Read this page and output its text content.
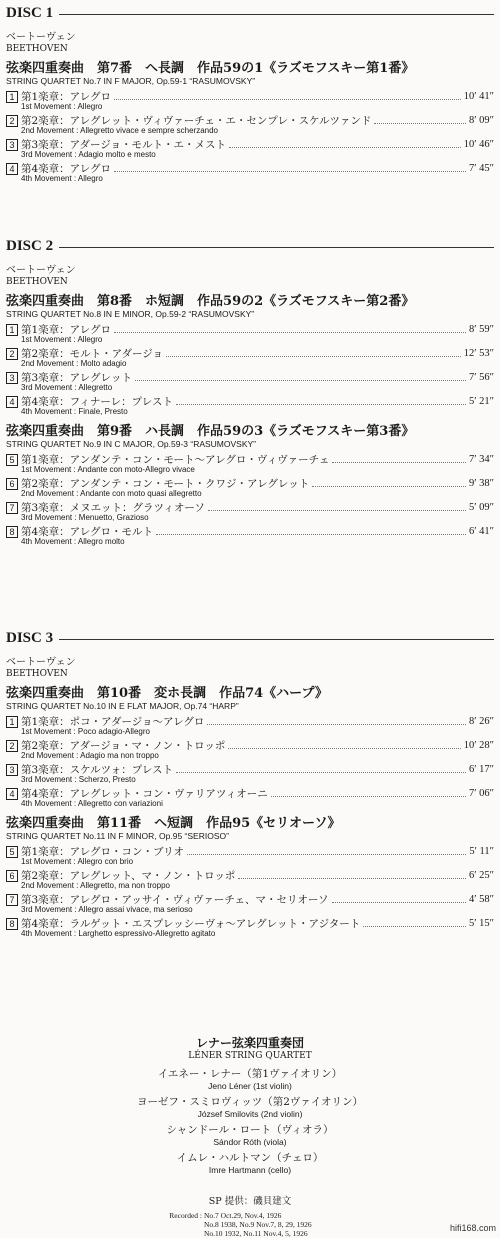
DISC 1
ベートーヴェン
BEETHOVEN
弦楽四重奏曲　第7番　ヘ長調　作品59の1《ラズモフスキー第1番》
STRING QUARTET No.7 IN F MAJOR, Op.59-1 “RASUMOVSKY”
1 第1楽章：アレグロ	10′ 41″
1st Movement : Allegro
2 第2楽章：アレグレット・ヴィヴァーチェ・エ・センプレ・スケルツァンド	8′ 09″
2nd Movement : Allegretto vivace e sempre scherzando
3 第3楽章：アダージョ・モルト・エ・メスト	10′ 46″
3rd Movement : Adagio molto e mesto
4 第4楽章：アレグロ	7′ 45″
4th Movement : Allegro
DISC 2
ベートーヴェン
BEETHOVEN
弦楽四重奏曲　第8番　ホ短調　作品59の2《ラズモフスキー第2番》
STRING QUARTET No.8 IN E MINOR, Op.59-2 “RASUMOVSKY”
1 第1楽章：アレグロ	8′ 59″
1st Movement : Allegro
2 第2楽章：モルト・アダージョ	12′ 53″
2nd Movement : Molto adagio
3 第3楽章：アレグレット	7′ 56″
3rd Movement : Allegretto
4 第4楽章：フィナーレ：プレスト	5′ 21″
4th Movement : Finale, Presto
弦楽四重奏曲　第9番　ハ長調　作品59の3《ラズモフスキー第3番》
STRING QUARTET No.9 IN C MAJOR, Op.59-3 “RASUMOVSKY”
5 第1楽章：アンダンテ・コン・モート〜アレグロ・ヴィヴァーチェ	7′ 34″
1st Movement : Andante con moto-Allegro vivace
6 第2楽章：アンダンテ・コン・モート・クワジ・アレグレット	9′ 38″
2nd Movement : Andante con moto quasi allegretto
7 第3楽章：メヌエット：グラツィオーソ	5′ 09″
3rd Movement : Menuetto, Grazioso
8 第4楽章：アレグロ・モルト	6′ 41″
4th Movement : Allegro molto
DISC 3
ベートーヴェン
BEETHOVEN
弦楽四重奏曲　第10番　変ホ長調　作品74《ハープ》
STRING QUARTET No.10 IN E FLAT MAJOR, Op.74 “HARP”
1 第1楽章：ポコ・アダージョ〜アレグロ	8′ 26″
1st Movement : Poco adagio-Allegro
2 第2楽章：アダージョ・マ・ノン・トロッポ	10′ 28″
2nd Movement : Adagio ma non troppo
3 第3楽章：スケルツォ：プレスト	6′ 17″
3rd Movement : Scherzo, Presto
4 第4楽章：アレグレット・コン・ヴァリアツィオーニ	7′ 06″
4th Movement : Allegretto con variazioni
弦楽四重奏曲　第11番　ヘ短調　作品95《セリオーソ》
STRING QUARTET No.11 IN F MINOR, Op.95 “SERIOSO”
5 第1楽章：アレグロ・コン・ブリオ	5′ 11″
1st Movement : Allegro con brio
6 第2楽章：アレグレット、マ・ノン・トロッポ	6′ 25″
2nd Movement : Allegretto, ma non troppo
7 第3楽章：アレグロ・アッサイ・ヴィヴァーチェ、マ・セリオーソ	4′ 58″
3rd Movement : Allegro assai vivace, ma serioso
8 第4楽章：ラルゲット・エスプレッシーヴォ〜アレグレット・アジタート	5′ 15″
4th Movement : Larghetto espressivo-Allegretto agitato
レナー弦楽四重奏団
LÉNER STRING QUARTET
イエネー・レナー（第1ヴァイオリン）
Jeno Léner (1st violin)
ヨーゼフ・スミロヴィッツ（第2ヴァイオリン）
József Smilovits (2nd violin)
シャンドール・ロート（ヴィオラ）
Sándor Róth (viola)
イムレ・ハルトマン（チェロ）
Imre Hartmann (cello)
SP 提供：磯貝建文
Recorded : No.7 Oct.29, Nov.4, 1926
No.8 1938, No.9 Nov.7, 8, 29, 1926
No.10 1932, No.11 Nov.4, 5, 1926
hifi168.com
